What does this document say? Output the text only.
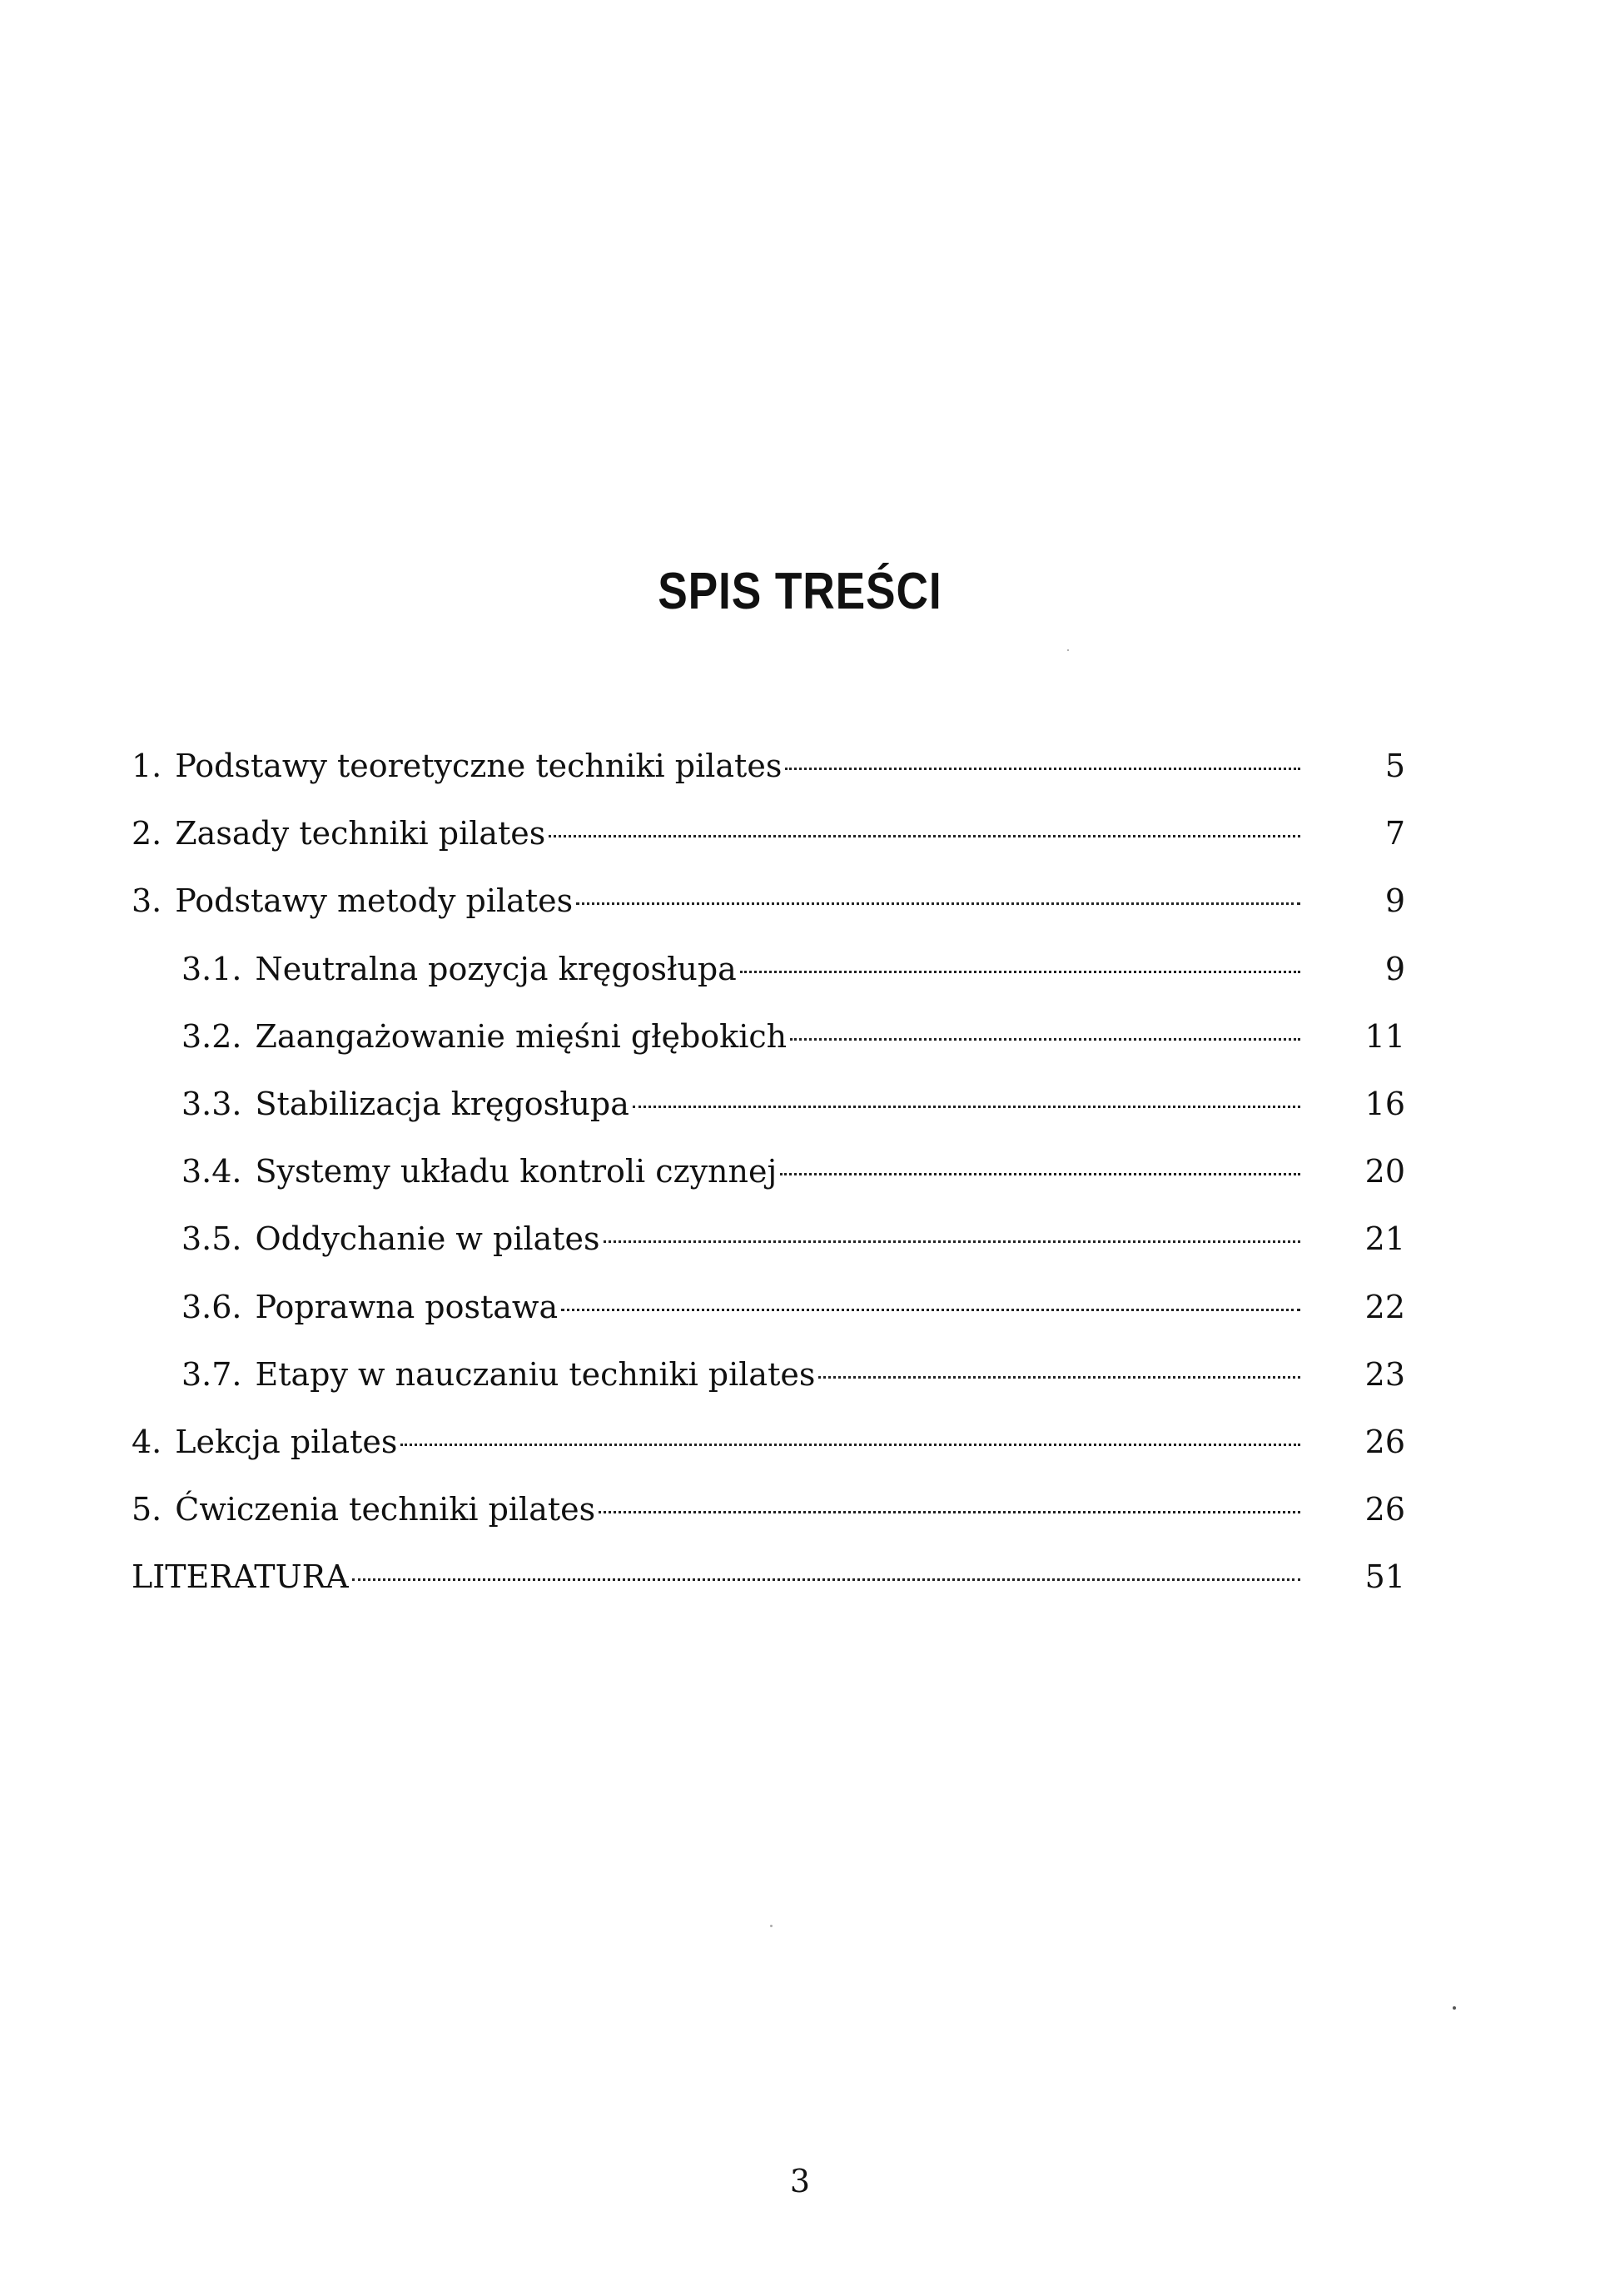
SPIS TREŚCI
1. Podstawy teoretyczne techniki pilates	5
2. Zasady techniki pilates	7
3. Podstawy metody pilates	9
3.1. Neutralna pozycja kręgosłupa	9
3.2. Zaangażowanie mięśni głębokich	11
3.3. Stabilizacja kręgosłupa	16
3.4. Systemy układu kontroli czynnej	20
3.5. Oddychanie w pilates	21
3.6. Poprawna postawa	22
3.7. Etapy w nauczaniu techniki pilates	23
4. Lekcja pilates	26
5. Ćwiczenia techniki pilates	26
LITERATURA	51
3
